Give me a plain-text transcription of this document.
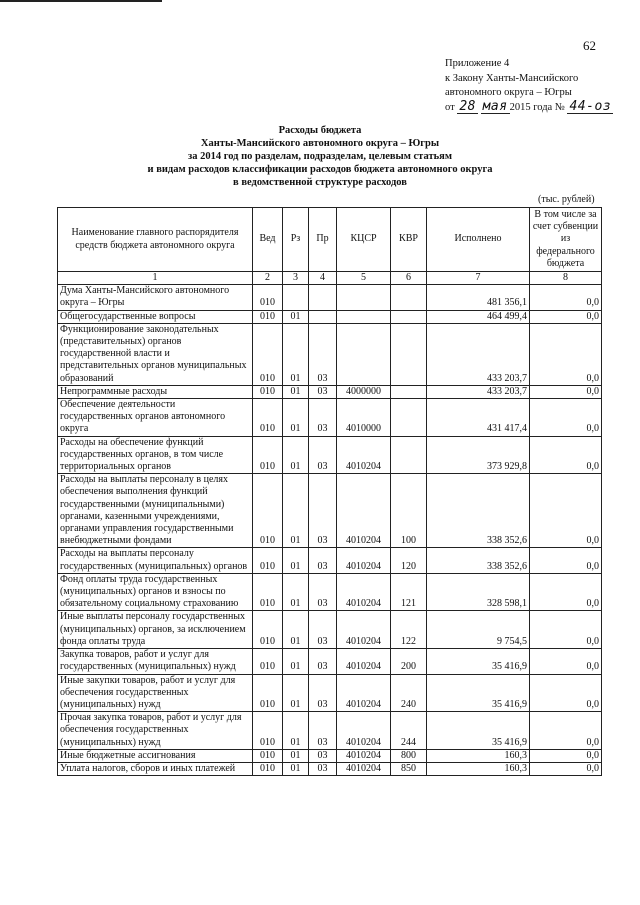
62
Приложение 4
к Закону Ханты-Мансийского
автономного округа – Югры
от 28 мая 2015 года № 44-оз
Расходы бюджета
Ханты-Мансийского автономного округа – Югры
за 2014 год по разделам, подразделам, целевым статьям
и видам расходов классификации расходов бюджета автономного округа
в ведомственной структуре расходов
(тыс. рублей)
Наименование главного распорядителя средств бюджета автономного округа	Вед	Рз	Пр	КЦСР	КВР	Исполнено	В том числе за счет субвенции из федерального бюджета
1	2	3	4	5	6	7	8
Дума Ханты-Мансийского автономного округа – Югры	010					481 356,1	0,0
Общегосударственные вопросы	010	01				464 499,4	0,0
Функционирование законодательных (представительных) органов государственной власти и представительных органов муниципальных образований	010	01	03			433 203,7	0,0
Непрограммные расходы	010	01	03	4000000		433 203,7	0,0
Обеспечение деятельности государственных органов автономного округа	010	01	03	4010000		431 417,4	0,0
Расходы на обеспечение функций государственных органов, в том числе территориальных органов	010	01	03	4010204		373 929,8	0,0
Расходы на выплаты персоналу в целях обеспечения выполнения функций государственными (муниципальными) органами, казенными учреждениями, органами управления государственными внебюджетными фондами	010	01	03	4010204	100	338 352,6	0,0
Расходы на выплаты персоналу государственных (муниципальных) органов	010	01	03	4010204	120	338 352,6	0,0
Фонд оплаты труда государственных (муниципальных) органов и взносы по обязательному социальному страхованию	010	01	03	4010204	121	328 598,1	0,0
Иные выплаты персоналу государственных (муниципальных) органов, за исключением фонда оплаты труда	010	01	03	4010204	122	9 754,5	0,0
Закупка товаров, работ и услуг для государственных (муниципальных) нужд	010	01	03	4010204	200	35 416,9	0,0
Иные закупки товаров, работ и услуг для обеспечения государственных (муниципальных) нужд	010	01	03	4010204	240	35 416,9	0,0
Прочая закупка товаров, работ и услуг для обеспечения государственных (муниципальных) нужд	010	01	03	4010204	244	35 416,9	0,0
Иные бюджетные ассигнования	010	01	03	4010204	800	160,3	0,0
Уплата налогов, сборов и иных платежей	010	01	03	4010204	850	160,3	0,0
